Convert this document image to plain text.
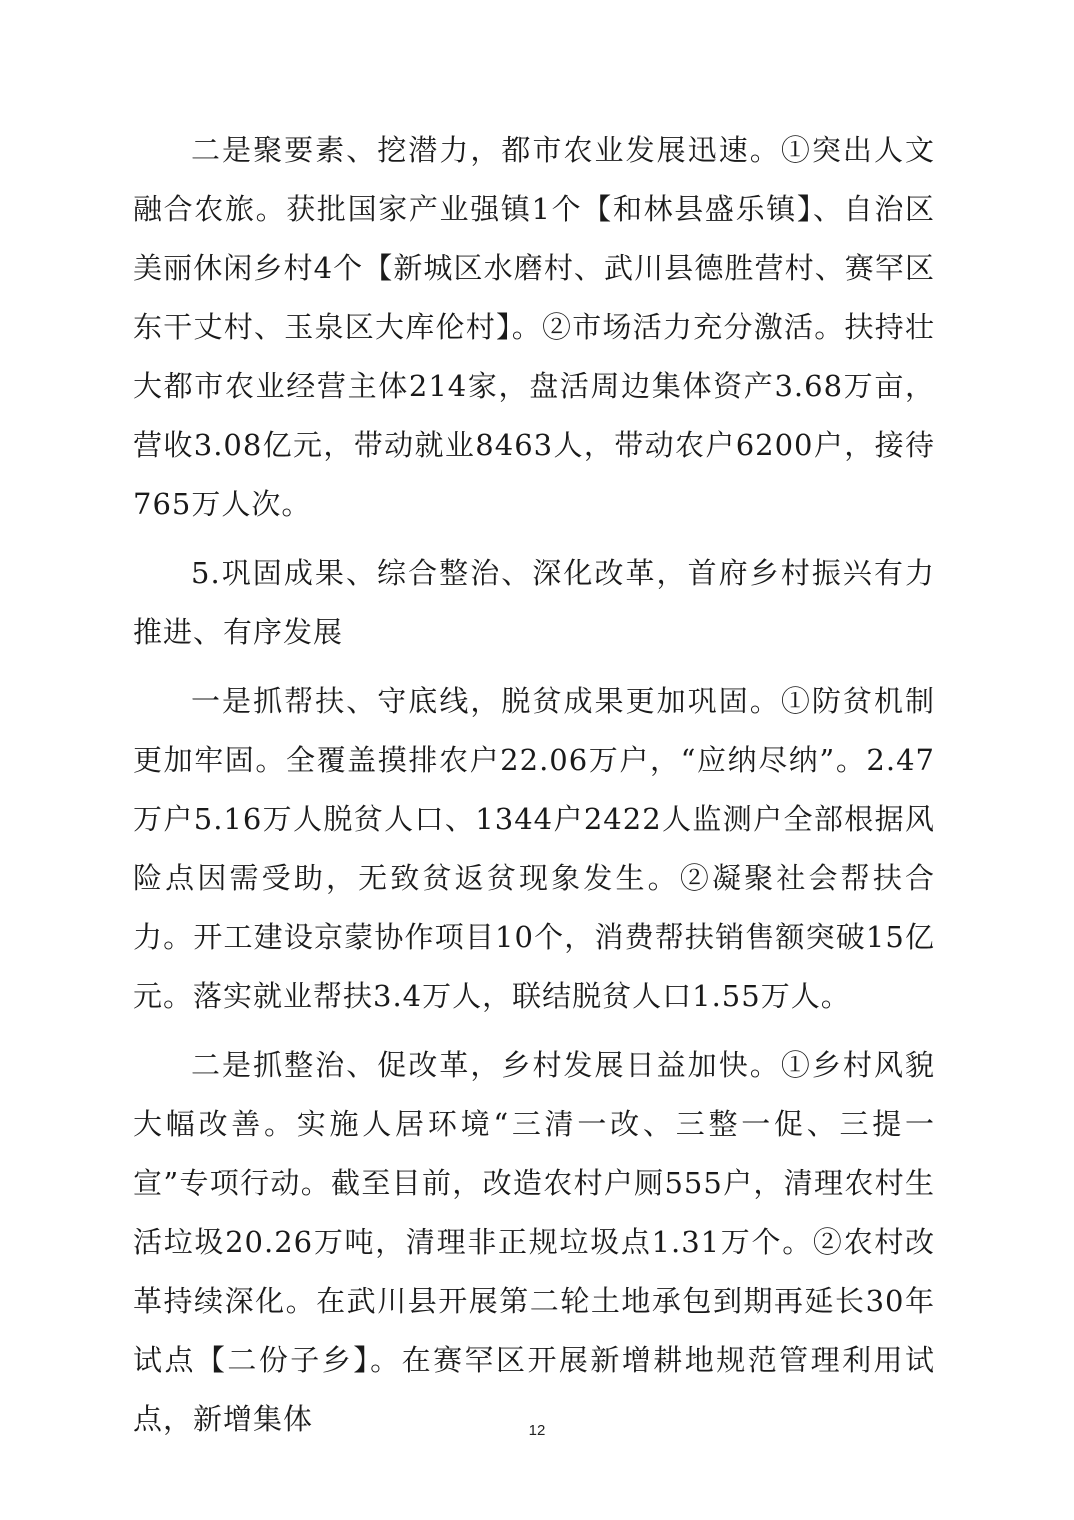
二是聚要素、挖潜力，都市农业发展迅速。①突出人文融合农旅。获批国家产业强镇1个【和林县盛乐镇】、自治区美丽休闲乡村4个【新城区水磨村、武川县德胜营村、赛罕区东干丈村、玉泉区大库伦村】。②市场活力充分激活。扶持壮大都市农业经营主体214家，盘活周边集体资产3.68万亩，营收3.08亿元，带动就业8463人，带动农户6200户，接待765万人次。

5.巩固成果、综合整治、深化改革，首府乡村振兴有力推进、有序发展

一是抓帮扶、守底线，脱贫成果更加巩固。①防贫机制更加牢固。全覆盖摸排农户22.06万户，“应纳尽纳”。2.47万户5.16万人脱贫人口、1344户2422人监测户全部根据风险点因需受助，无致贫返贫现象发生。②凝聚社会帮扶合力。开工建设京蒙协作项目10个，消费帮扶销售额突破15亿元。落实就业帮扶3.4万人，联结脱贫人口1.55万人。

二是抓整治、促改革，乡村发展日益加快。①乡村风貌大幅改善。实施人居环境“三清一改、三整一促、三提一宣”专项行动。截至目前，改造农村户厕555户，清理农村生活垃圾20.26万吨，清理非正规垃圾点1.31万个。②农村改革持续深化。在武川县开展第二轮土地承包到期再延长30年试点【二份子乡】。在赛罕区开展新增耕地规范管理利用试点，新增集体	12
